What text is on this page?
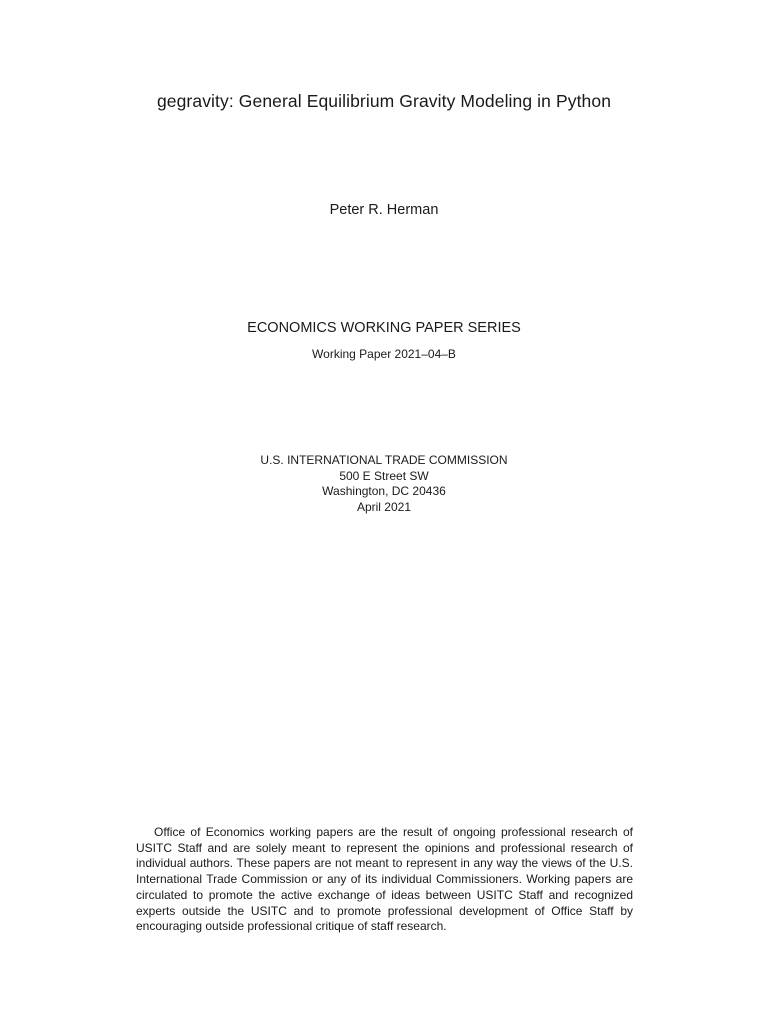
gegravity: General Equilibrium Gravity Modeling in Python
Peter R. Herman
ECONOMICS WORKING PAPER SERIES
Working Paper 2021–04–B
U.S. INTERNATIONAL TRADE COMMISSION
500 E Street SW
Washington, DC 20436
April 2021

Office of Economics working papers are the result of ongoing professional research of USITC Staff and are solely meant to represent the opinions and professional research of individual authors. These papers are not meant to represent in any way the views of the U.S. International Trade Commission or any of its individual Commissioners. Working papers are circulated to promote the active exchange of ideas between USITC Staff and recognized experts outside the USITC and to promote professional development of Office Staff by encouraging outside professional critique of staff research.
